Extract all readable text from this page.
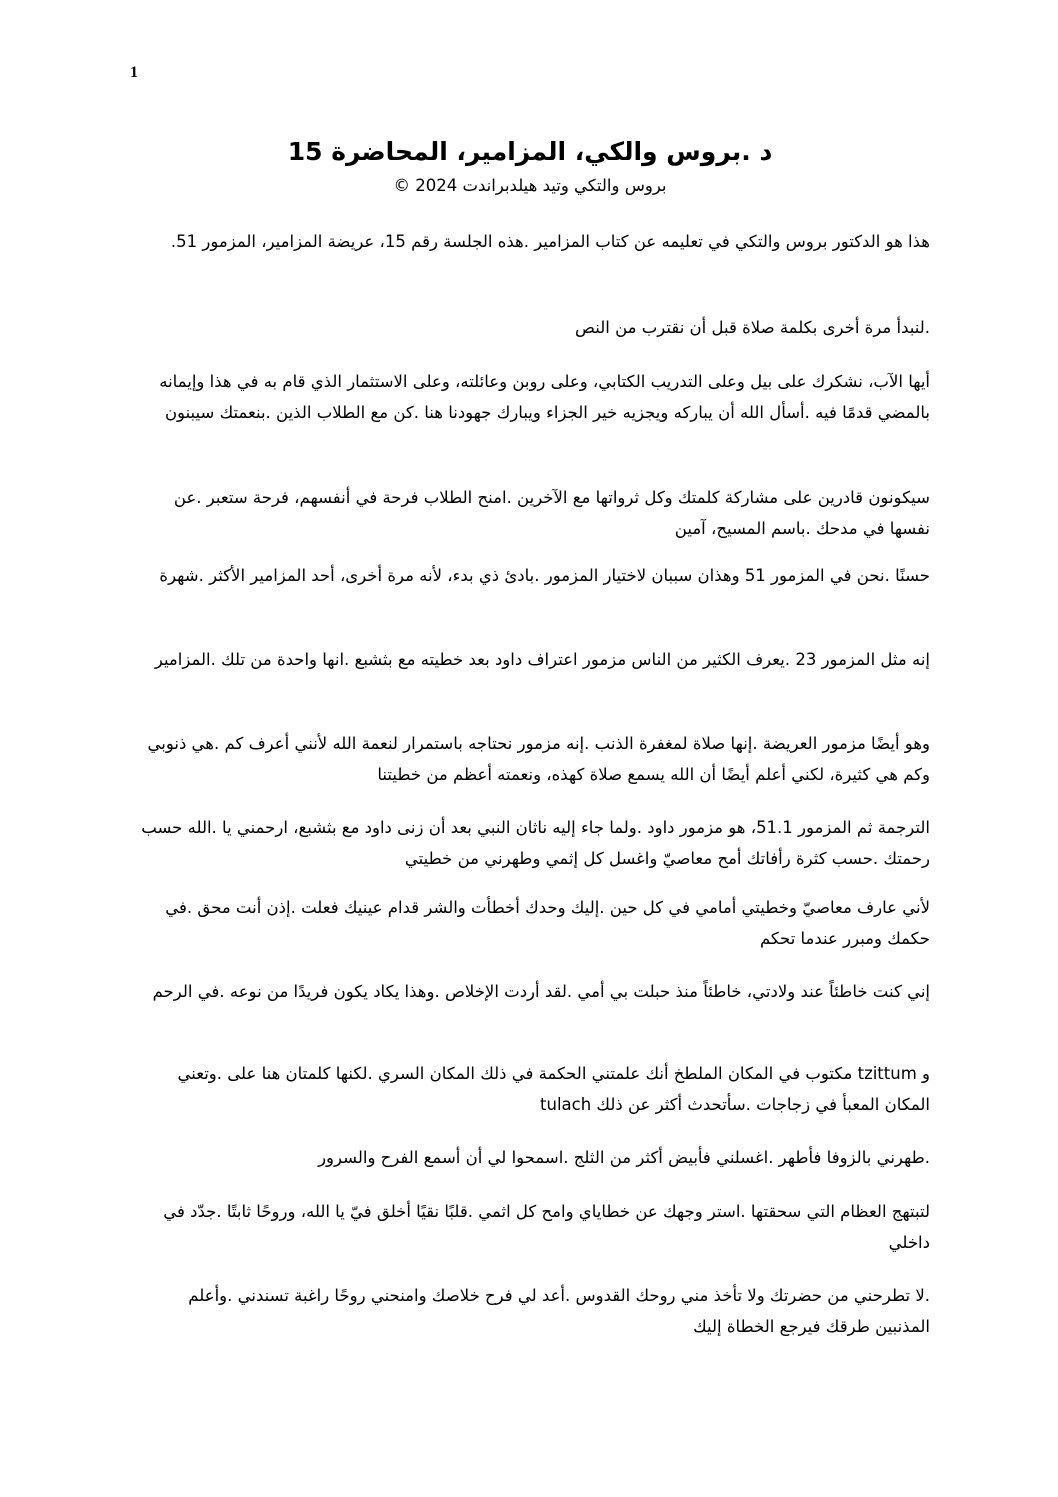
1
د .بروس والكي، المزامير، المحاضرة 15
بروس والتكي وتيد هيلدبراندت 2024 ©

هذا هو الدكتور بروس والتكي في تعليمه عن كتاب المزامير .هذه الجلسة رقم 15، عريضة المزامير، المزمور 51.

.لنبدأ مرة أخرى بكلمة صلاة قبل أن نقترب من النص

أيها الآب، نشكرك على بيل وعلى التدريب الكتابي، وعلى روبن وعائلته، وعلى الاستثمار الذي قام به في هذا وإيمانه بالمضي قدمًا فيه .أسأل الله أن يباركه ويجزيه خير الجزاء ويبارك جهودنا هنا .كن مع الطلاب الذين .بنعمتك سيبنون

سيكونون قادرين على مشاركة كلمتك وكل ثرواتها مع الآخرين .امنح الطلاب فرحة في أنفسهم، فرحة ستعبر .عن نفسها في مدحك .باسم المسيح، آمين

حسنًا .نحن في المزمور 51 وهذان سببان لاختيار المزمور .بادئ ذي بدء، لأنه مرة أخرى، أحد المزامير الأكثر .شهرة

إنه مثل المزمور 23 .يعرف الكثير من الناس مزمور اعتراف داود بعد خطيته مع بثشبع .انها واحدة من تلك .المزامير

وهو أيضًا مزمور العريضة .إنها صلاة لمغفرة الذنب .إنه مزمور نحتاجه باستمرار لنعمة الله لأنني أعرف كم .هي ذنوبي وكم هي كثيرة، لكني أعلم أيضًا أن الله يسمع صلاة كهذه، ونعمته أعظم من خطيتنا

الترجمة ثم المزمور 51.1، هو مزمور داود .ولما جاء إليه ناثان النبي بعد أن زنى داود مع بثشبع، ارحمني يا .الله حسب رحمتك .حسب كثرة رأفاتك أمح معاصيّ واغسل كل إثمي وطهرني من خطيتي

لأني عارف معاصيّ وخطيتي أمامي في كل حين .إليك وحدك أخطأت والشر قدام عينيك فعلت .إذن أنت محق .في حكمك ومبرر عندما تحكم

إني كنت خاطئاً عند ولادتي، خاطئاً منذ حبلت بي أمي .لقد أردت الإخلاص .وهذا يكاد يكون فريدًا من نوعه .في الرحم

و tzittum مكتوب في المكان الملطخ أنك علمتني الحكمة في ذلك المكان السري .لكنها كلمتان هنا على .وتعني المكان المعبأ في زجاجات .سأتحدث أكثر عن ذلك tulach

.طهرني بالزوفا فأطهر .اغسلني فأبيض أكثر من الثلج .اسمحوا لي أن أسمع الفرح والسرور

لتبتهج العظام التي سحقتها .استر وجهك عن خطاياي وامح كل اثمي .قلبًا نقيًا أخلق فيّ يا الله، وروحًا ثابتًا .جدّد في داخلي

.لا تطرحني من حضرتك ولا تأخذ مني روحك القدوس .أعد لي فرح خلاصك وامنحني روحًا راغبة تسندني .وأعلم المذنبين طرقك فيرجع الخطاة إليك
